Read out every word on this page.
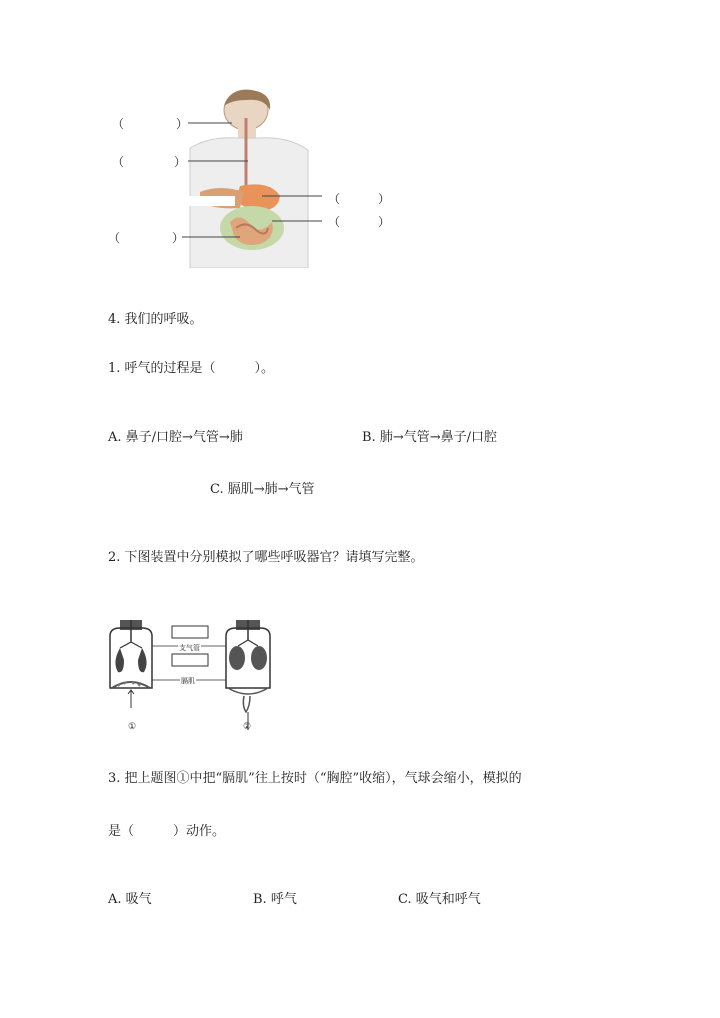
（	）
（	）
（	）
（	）
（	）
4. 我们的呼吸。
1. 呼气的过程是（　　　）。
A. 鼻子/口腔→气管→肺	B. 肺→气管→鼻子/口腔
C. 膈肌→肺→气管
2. 下图装置中分别模拟了哪些呼吸器官？请填写完整。
支气管
膈肌
①	②
3. 把上题图①中把“膈肌”往上按时（“胸腔”收缩），气球会缩小，模拟的
是（　　　）动作。
A. 吸气	B. 呼气	C. 吸气和呼气
